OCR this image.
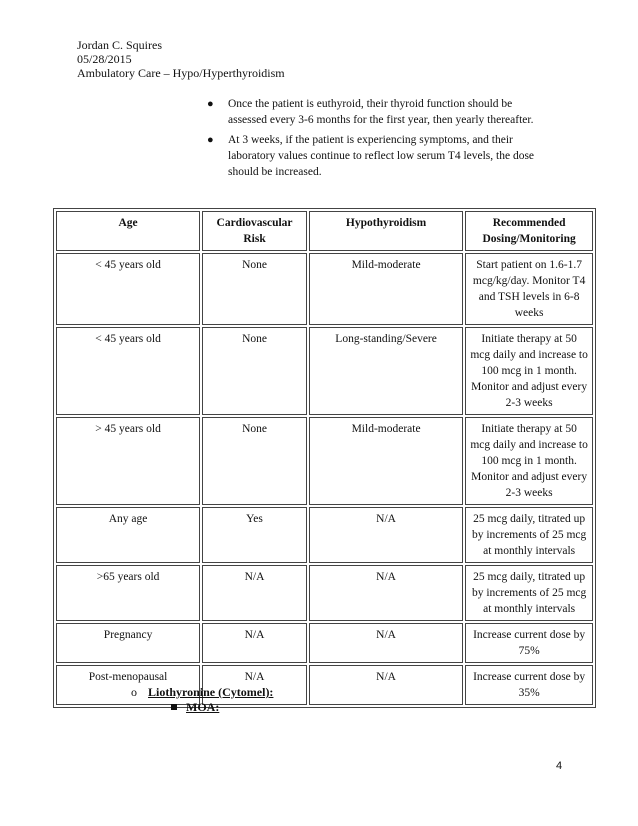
Jordan C. Squires
05/28/2015
Ambulatory Care – Hypo/Hyperthyroidism
● Once the patient is euthyroid, their thyroid function should be assessed every 3-6 months for the first year, then yearly thereafter.
● At 3 weeks, if the patient is experiencing symptoms, and their laboratory values continue to reflect low serum T4 levels, the dose should be increased.
Age	Cardiovascular Risk	Hypothyroidism	Recommended Dosing/Monitoring
< 45 years old	None	Mild-moderate	Start patient on 1.6-1.7 mcg/kg/day. Monitor T4 and TSH levels in 6-8 weeks
< 45 years old	None	Long-standing/Severe	Initiate therapy at 50 mcg daily and increase to 100 mcg in 1 month. Monitor and adjust every 2-3 weeks
> 45 years old	None	Mild-moderate	Initiate therapy at 50 mcg daily and increase to 100 mcg in 1 month. Monitor and adjust every 2-3 weeks
Any age	Yes	N/A	25 mcg daily, titrated up by increments of 25 mcg at monthly intervals
>65 years old	N/A	N/A	25 mcg daily, titrated up by increments of 25 mcg at monthly intervals
Pregnancy	N/A	N/A	Increase current dose by 75%
Post-menopausal	N/A	N/A	Increase current dose by 35%
o Liothyronine (Cytomel):
MOA:
4
